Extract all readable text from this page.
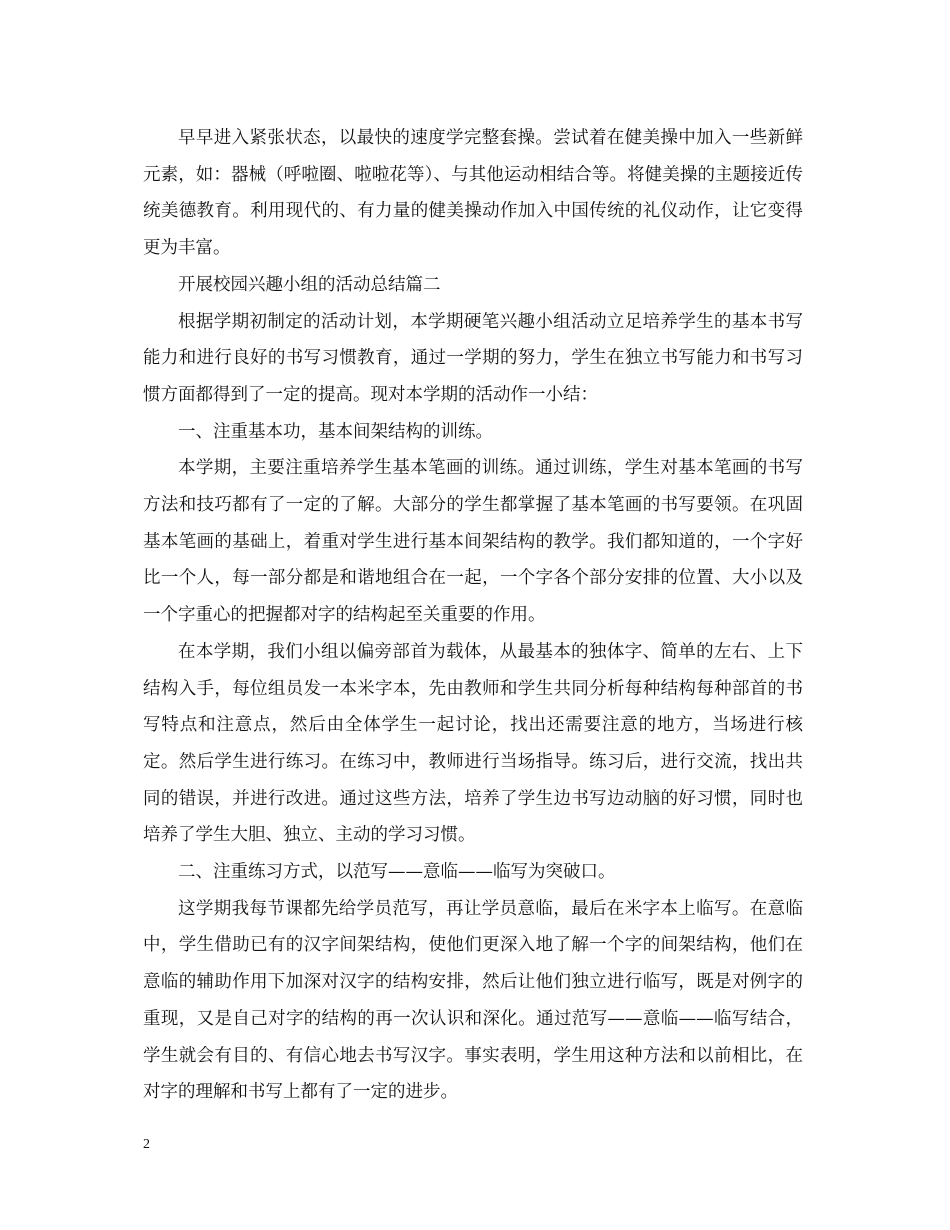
早早进入紧张状态，以最快的速度学完整套操。尝试着在健美操中加入一些新鲜元素，如：器械（呼啦圈、啦啦花等）、与其他运动相结合等。将健美操的主题接近传统美德教育。利用现代的、有力量的健美操动作加入中国传统的礼仪动作，让它变得更为丰富。

开展校园兴趣小组的活动总结篇二

根据学期初制定的活动计划，本学期硬笔兴趣小组活动立足培养学生的基本书写能力和进行良好的书写习惯教育，通过一学期的努力，学生在独立书写能力和书写习惯方面都得到了一定的提高。现对本学期的活动作一小结：

一、注重基本功，基本间架结构的训练。

本学期，主要注重培养学生基本笔画的训练。通过训练，学生对基本笔画的书写方法和技巧都有了一定的了解。大部分的学生都掌握了基本笔画的书写要领。在巩固基本笔画的基础上，着重对学生进行基本间架结构的教学。我们都知道的，一个字好比一个人，每一部分都是和谐地组合在一起，一个字各个部分安排的位置、大小以及一个字重心的把握都对字的结构起至关重要的作用。

在本学期，我们小组以偏旁部首为载体，从最基本的独体字、简单的左右、上下结构入手，每位组员发一本米字本，先由教师和学生共同分析每种结构每种部首的书写特点和注意点，然后由全体学生一起讨论，找出还需要注意的地方，当场进行核定。然后学生进行练习。在练习中，教师进行当场指导。练习后，进行交流，找出共同的错误，并进行改进。通过这些方法，培养了学生边书写边动脑的好习惯，同时也培养了学生大胆、独立、主动的学习习惯。

二、注重练习方式，以范写——意临——临写为突破口。

这学期我每节课都先给学员范写，再让学员意临，最后在米字本上临写。在意临中，学生借助已有的汉字间架结构，使他们更深入地了解一个字的间架结构，他们在意临的辅助作用下加深对汉字的结构安排，然后让他们独立进行临写，既是对例字的重现，又是自己对字的结构的再一次认识和深化。通过范写——意临——临写结合，学生就会有目的、有信心地去书写汉字。事实表明，学生用这种方法和以前相比，在对字的理解和书写上都有了一定的进步。

2
